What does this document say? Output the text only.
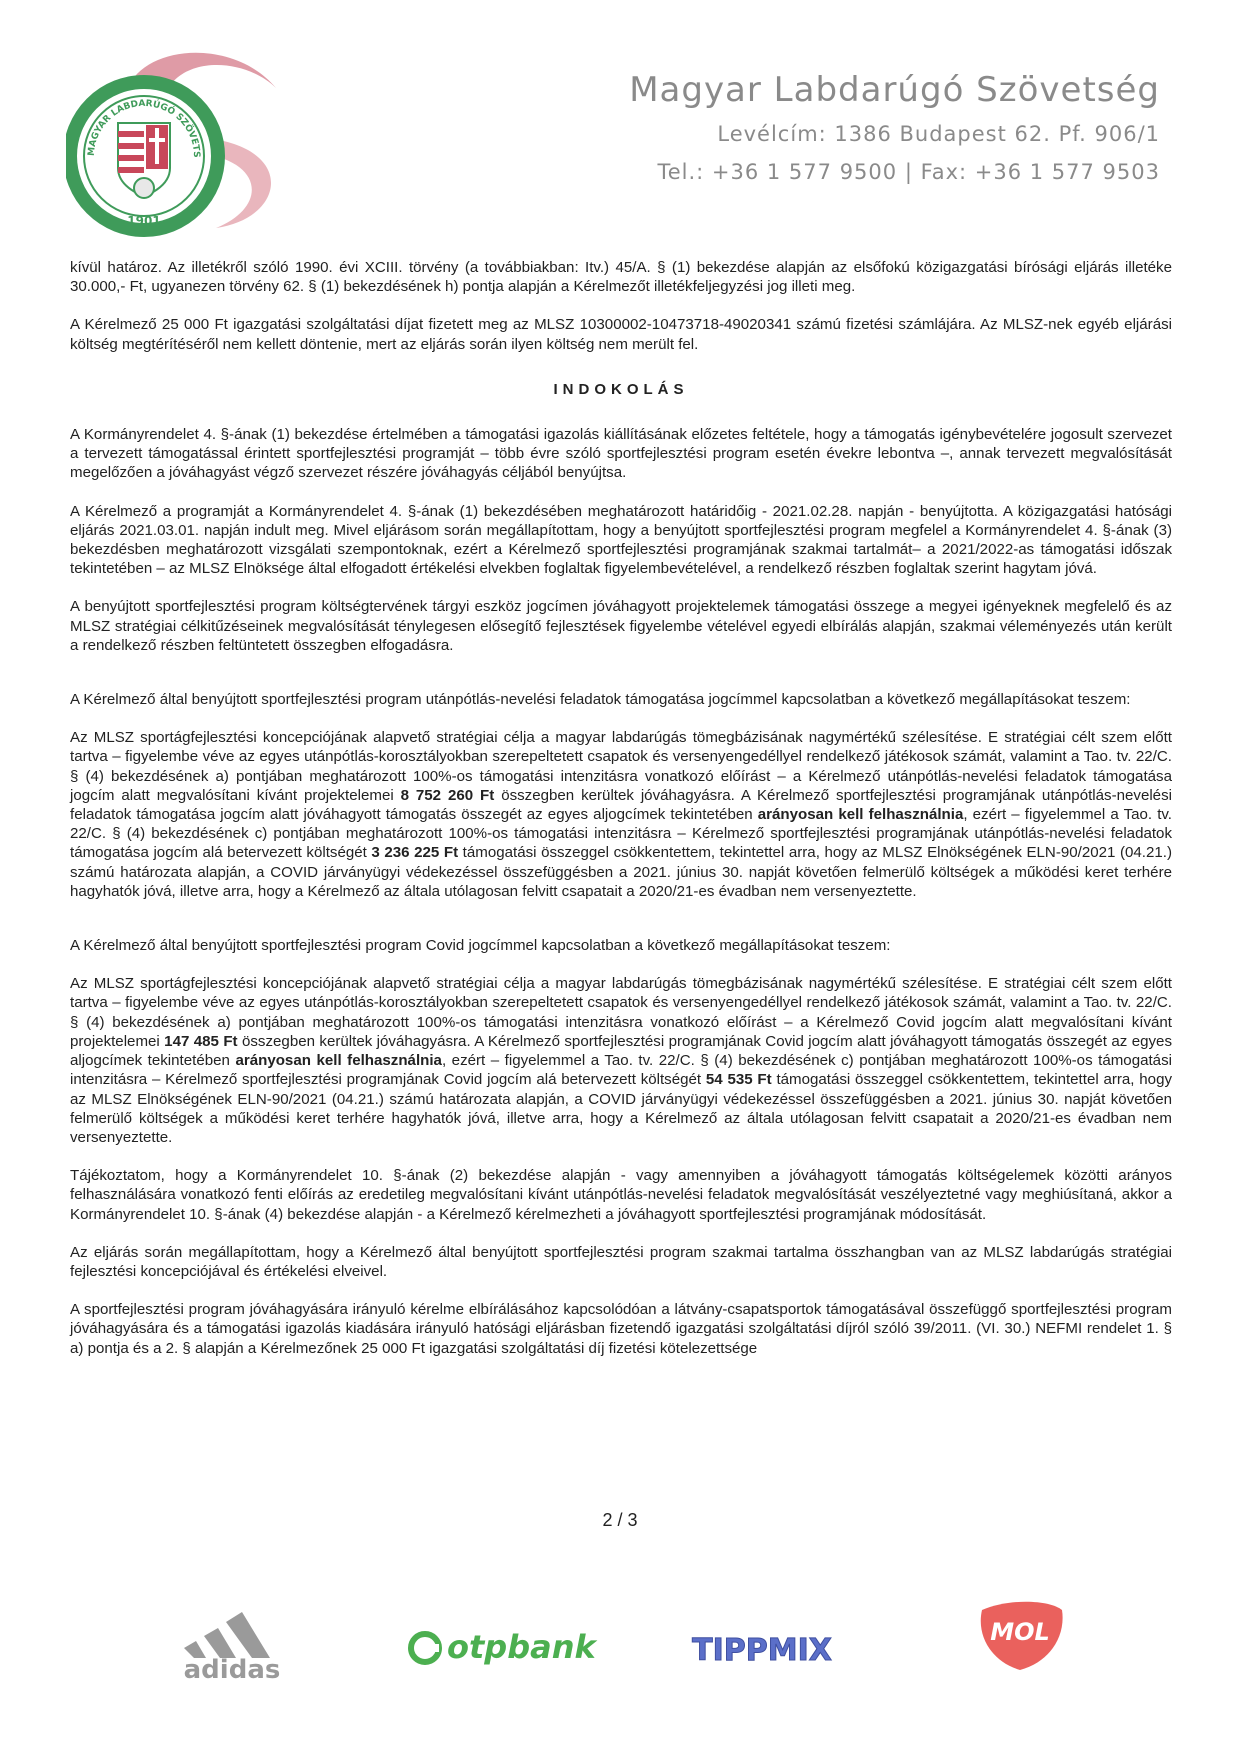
MAGYAR LABDARÚGÓ SZÖVETS
1901
Magyar Labdarúgó Szövetség
Levélcím: 1386 Budapest 62. Pf. 906/1
Tel.: +36 1 577 9500 | Fax: +36 1 577 9503

kívül határoz. Az illetékről szóló 1990. évi XCIII. törvény (a továbbiakban: Itv.) 45/A. § (1) bekezdése alapján az elsőfokú közigazgatási bírósági eljárás illetéke 30.000,- Ft, ugyanezen törvény 62. § (1) bekezdésének h) pontja alapján a Kérelmezőt illetékfeljegyzési jog illeti meg.

A Kérelmező 25 000 Ft igazgatási szolgáltatási díjat fizetett meg az MLSZ 10300002-10473718-49020341 számú fizetési számlájára. Az MLSZ-nek egyéb eljárási költség megtérítéséről nem kellett döntenie, mert az eljárás során ilyen költség nem merült fel.

INDOKOLÁS

A Kormányrendelet 4. §-ának (1) bekezdése értelmében a támogatási igazolás kiállításának előzetes feltétele, hogy a támogatás igénybevételére jogosult szervezet a tervezett támogatással érintett sportfejlesztési programját – több évre szóló sportfejlesztési program esetén évekre lebontva –, annak tervezett megvalósítását megelőzően a jóváhagyást végző szervezet részére jóváhagyás céljából benyújtsa.

A Kérelmező a programját a Kormányrendelet 4. §-ának (1) bekezdésében meghatározott határidőig - 2021.02.28. napján - benyújtotta. A közigazgatási hatósági eljárás 2021.03.01. napján indult meg. Mivel eljárásom során megállapítottam, hogy a benyújtott sportfejlesztési program megfelel a Kormányrendelet 4. §-ának (3) bekezdésben meghatározott vizsgálati szempontoknak, ezért a Kérelmező sportfejlesztési programjának szakmai tartalmát– a 2021/2022-as támogatási időszak tekintetében – az MLSZ Elnöksége által elfogadott értékelési elvekben foglaltak figyelembevételével, a rendelkező részben foglaltak szerint hagytam jóvá.

A benyújtott sportfejlesztési program költségtervének tárgyi eszköz jogcímen jóváhagyott projektelemek támogatási összege a megyei igényeknek megfelelő és az MLSZ stratégiai célkitűzéseinek megvalósítását ténylegesen elősegítő fejlesztések figyelembe vételével egyedi elbírálás alapján, szakmai véleményezés után került a rendelkező részben feltüntetett összegben elfogadásra.

A Kérelmező által benyújtott sportfejlesztési program utánpótlás-nevelési feladatok támogatása jogcímmel kapcsolatban a következő megállapításokat teszem:

Az MLSZ sportágfejlesztési koncepciójának alapvető stratégiai célja a magyar labdarúgás tömegbázisának nagymértékű szélesítése. E stratégiai célt szem előtt tartva – figyelembe véve az egyes utánpótlás-korosztályokban szerepeltetett csapatok és versenyengedéllyel rendelkező játékosok számát, valamint a Tao. tv. 22/C. § (4) bekezdésének a) pontjában meghatározott 100%-os támogatási intenzitásra vonatkozó előírást – a Kérelmező utánpótlás-nevelési feladatok támogatása jogcím alatt megvalósítani kívánt projektelemei 8 752 260 Ft összegben kerültek jóváhagyásra. A Kérelmező sportfejlesztési programjának utánpótlás-nevelési feladatok támogatása jogcím alatt jóváhagyott támogatás összegét az egyes aljogcímek tekintetében arányosan kell felhasználnia, ezért – figyelemmel a Tao. tv. 22/C. § (4) bekezdésének c) pontjában meghatározott 100%-os támogatási intenzitásra – Kérelmező sportfejlesztési programjának utánpótlás-nevelési feladatok támogatása jogcím alá betervezett költségét 3 236 225 Ft támogatási összeggel csökkentettem, tekintettel arra, hogy az MLSZ Elnökségének ELN-90/2021 (04.21.) számú határozata alapján, a COVID járványügyi védekezéssel összefüggésben a 2021. június 30. napját követően felmerülő költségek a működési keret terhére hagyhatók jóvá, illetve arra, hogy a Kérelmező az általa utólagosan felvitt csapatait a 2020/21-es évadban nem versenyeztette.

A Kérelmező által benyújtott sportfejlesztési program Covid jogcímmel kapcsolatban a következő megállapításokat teszem:

Az MLSZ sportágfejlesztési koncepciójának alapvető stratégiai célja a magyar labdarúgás tömegbázisának nagymértékű szélesítése. E stratégiai célt szem előtt tartva – figyelembe véve az egyes utánpótlás-korosztályokban szerepeltetett csapatok és versenyengedéllyel rendelkező játékosok számát, valamint a Tao. tv. 22/C. § (4) bekezdésének a) pontjában meghatározott 100%-os támogatási intenzitásra vonatkozó előírást – a Kérelmező Covid jogcím alatt megvalósítani kívánt projektelemei 147 485 Ft összegben kerültek jóváhagyásra. A Kérelmező sportfejlesztési programjának Covid jogcím alatt jóváhagyott támogatás összegét az egyes aljogcímek tekintetében arányosan kell felhasználnia, ezért – figyelemmel a Tao. tv. 22/C. § (4) bekezdésének c) pontjában meghatározott 100%-os támogatási intenzitásra – Kérelmező sportfejlesztési programjának Covid jogcím alá betervezett költségét 54 535 Ft támogatási összeggel csökkentettem, tekintettel arra, hogy az MLSZ Elnökségének ELN-90/2021 (04.21.) számú határozata alapján, a COVID járványügyi védekezéssel összefüggésben a 2021. június 30. napját követően felmerülő költségek a működési keret terhére hagyhatók jóvá, illetve arra, hogy a Kérelmező az általa utólagosan felvitt csapatait a 2020/21-es évadban nem versenyeztette.

Tájékoztatom, hogy a Kormányrendelet 10. §-ának (2) bekezdése alapján - vagy amennyiben a jóváhagyott támogatás költségelemek közötti arányos felhasználására vonatkozó fenti előírás az eredetileg megvalósítani kívánt utánpótlás-nevelési feladatok megvalósítását veszélyeztetné vagy meghiúsítaná, akkor a Kormányrendelet 10. §-ának (4) bekezdése alapján - a Kérelmező kérelmezheti a jóváhagyott sportfejlesztési programjának módosítását.

Az eljárás során megállapítottam, hogy a Kérelmező által benyújtott sportfejlesztési program szakmai tartalma összhangban van az MLSZ labdarúgás stratégiai fejlesztési koncepciójával és értékelési elveivel.

A sportfejlesztési program jóváhagyására irányuló kérelme elbírálásához kapcsolódóan a látvány-csapatsportok támogatásával összefüggő sportfejlesztési program jóváhagyására és a támogatási igazolás kiadására irányuló hatósági eljárásban fizetendő igazgatási szolgáltatási díjról szóló 39/2011. (VI. 30.) NEFMI rendelet 1. § a) pontja és a 2. § alapján a Kérelmezőnek 25 000 Ft igazgatási szolgáltatási díj fizetési kötelezettsége

2 / 3
adidas
otpbank	TIPPMIX
MOL
